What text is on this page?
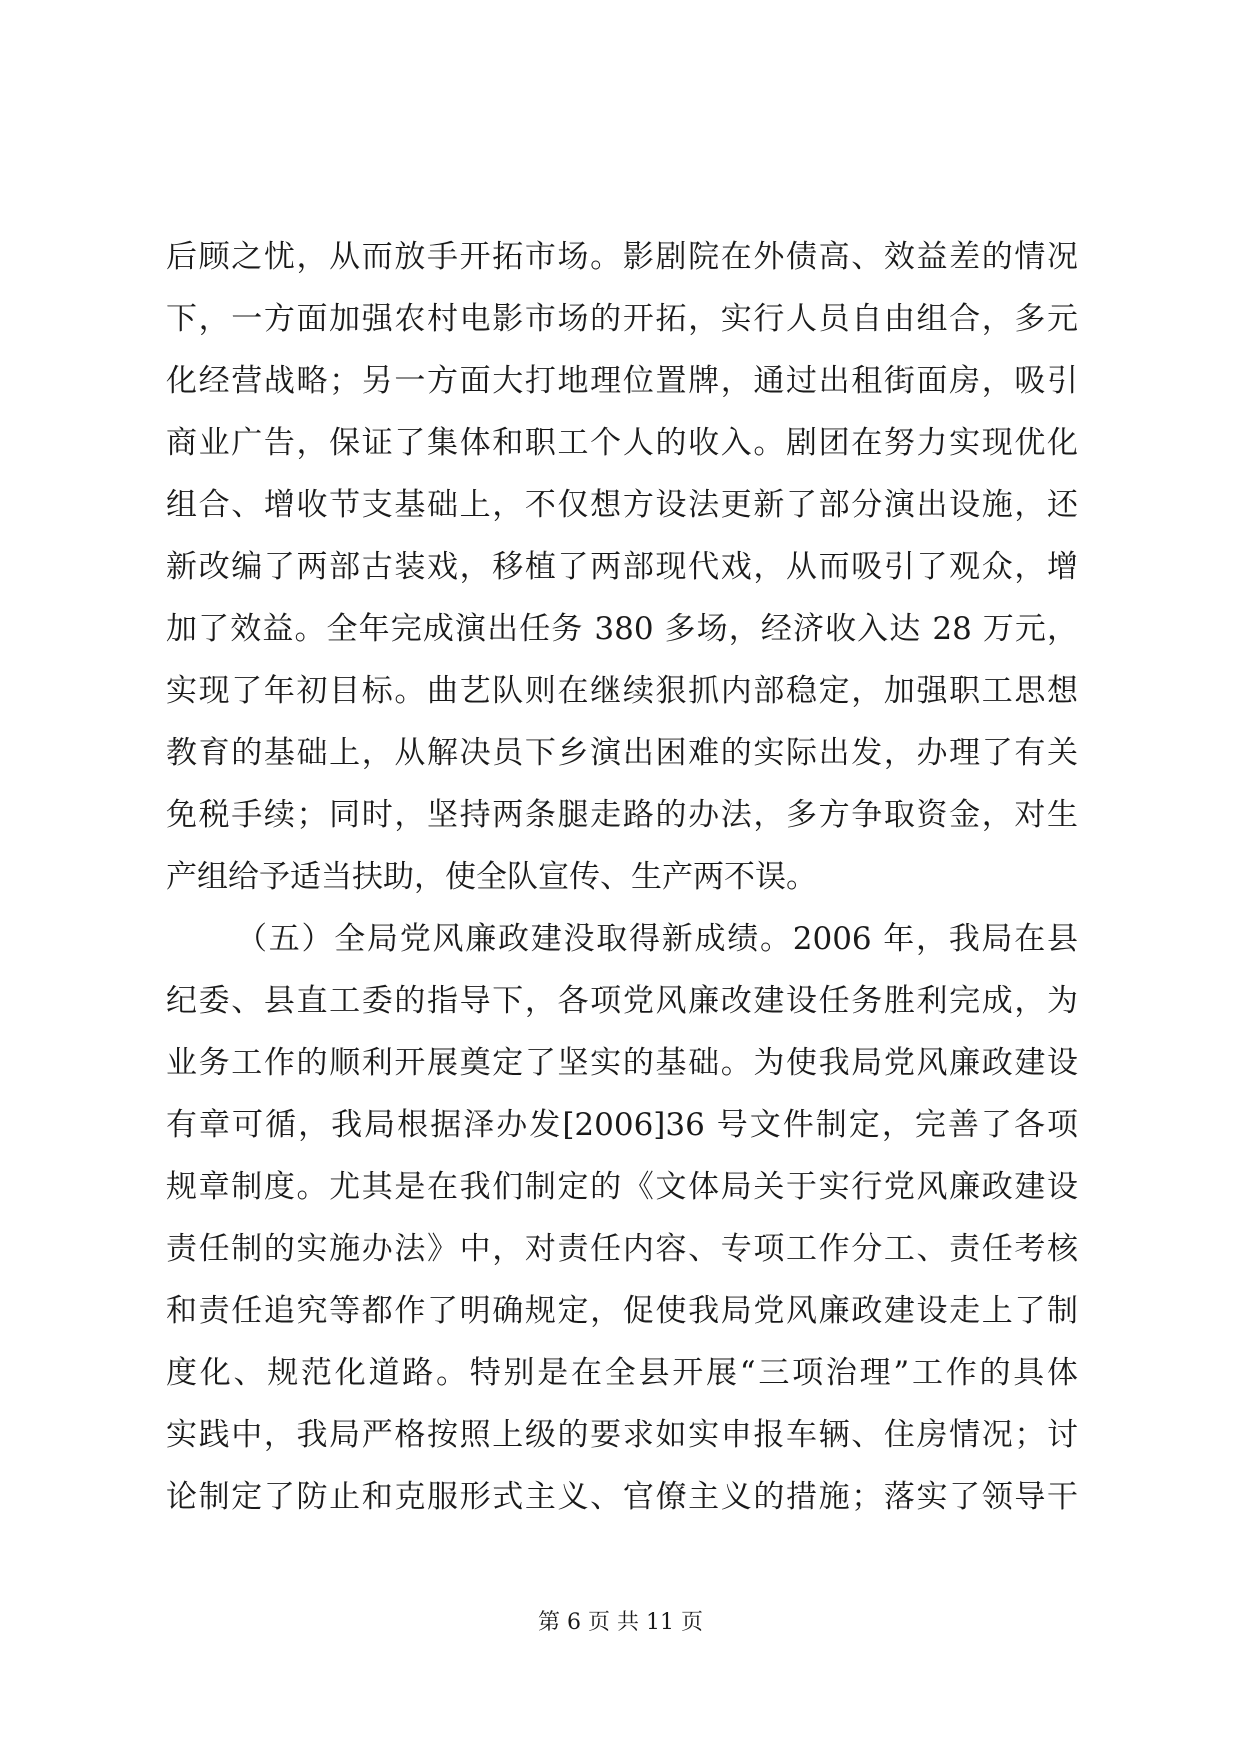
后顾之忧，从而放手开拓市场。影剧院在外债高、效益差的情况
下，一方面加强农村电影市场的开拓，实行人员自由组合，多元
化经营战略；另一方面大打地理位置牌，通过出租街面房，吸引
商业广告，保证了集体和职工个人的收入。剧团在努力实现优化
组合、增收节支基础上，不仅想方设法更新了部分演出设施，还
新改编了两部古装戏，移植了两部现代戏，从而吸引了观众，增
加了效益。全年完成演出任务 380 多场，经济收入达 28 万元，
实现了年初目标。曲艺队则在继续狠抓内部稳定，加强职工思想
教育的基础上，从解决员下乡演出困难的实际出发，办理了有关
免税手续；同时，坚持两条腿走路的办法，多方争取资金，对生
产组给予适当扶助，使全队宣传、生产两不误。
（五）全局党风廉政建没取得新成绩。2006 年，我局在县
纪委、县直工委的指导下，各项党风廉改建设任务胜利完成，为
业务工作的顺利开展奠定了坚实的基础。为使我局党风廉政建设
有章可循，我局根据泽办发[2006]36 号文件制定，完善了各项
规章制度。尤其是在我们制定的《文体局关于实行党风廉政建设
责任制的实施办法》中，对责任内容、专项工作分工、责任考核
和责任追究等都作了明确规定，促使我局党风廉政建设走上了制
度化、规范化道路。特别是在全县开展“三项治理”工作的具体
实践中，我局严格按照上级的要求如实申报车辆、住房情况；讨
论制定了防止和克服形式主义、官僚主义的措施；落实了领导干
第 6 页 共 11 页
